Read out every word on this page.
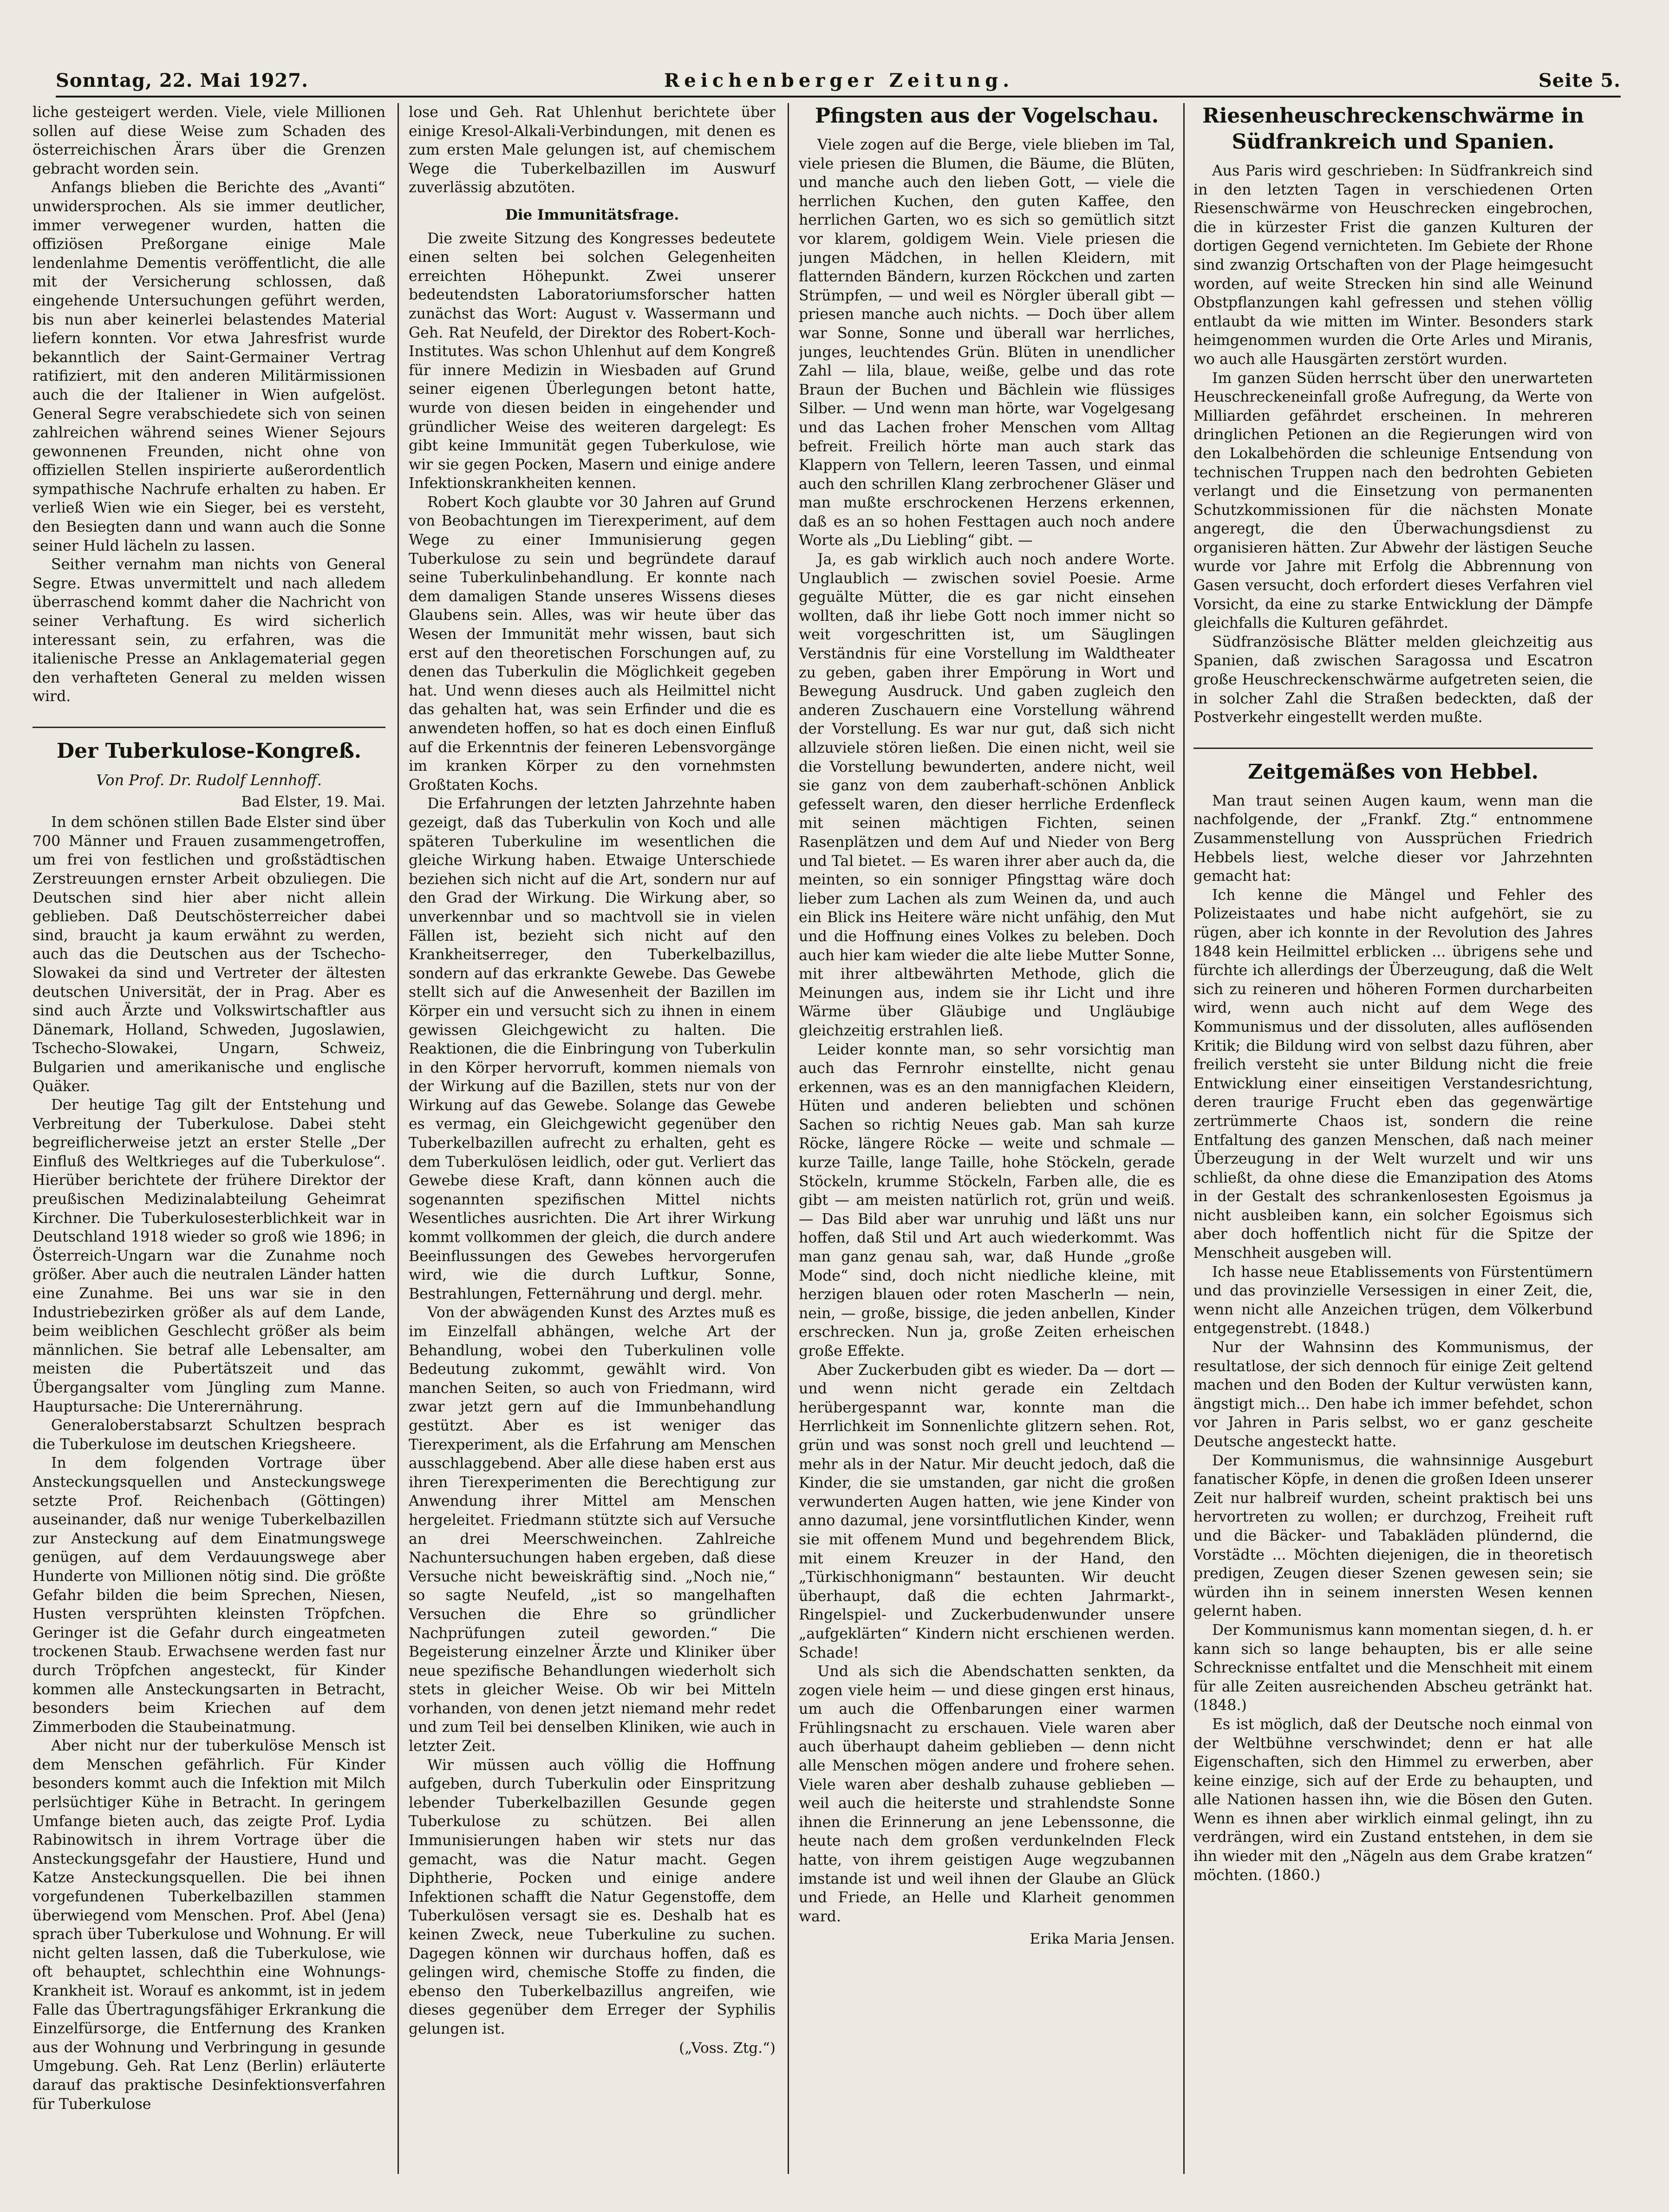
Sonntag, 22. Mai 1927.	Reichenberger Zeitung.	Seite 5.

liche gesteigert werden. Viele, viele Millionen sollen auf diese Weise zum Schaden des österreichischen Ärars über die Grenzen gebracht worden sein.

Anfangs blieben die Berichte des „Avanti“ unwidersprochen. Als sie immer deutlicher, immer verwegener wurden, hatten die offiziösen Preßorgane einige Male lendenlahme Dementis veröffentlicht, die alle mit der Versicherung schlossen, daß eingehende Untersuchungen geführt werden, bis nun aber keinerlei belastendes Material liefern konnten. Vor etwa Jahresfrist wurde bekanntlich der Saint-Germainer Vertrag ratifiziert, mit den anderen Militärmissionen auch die der Italiener in Wien aufgelöst. General Segre verabschiedete sich von seinen zahlreichen während seines Wiener Sejours gewonnenen Freunden, nicht ohne von offiziellen Stellen inspirierte außerordentlich sympathische Nachrufe erhalten zu haben. Er verließ Wien wie ein Sieger, bei es versteht, den Besiegten dann und wann auch die Sonne seiner Huld lächeln zu lassen.

Seither vernahm man nichts von General Segre. Etwas unvermittelt und nach alledem überraschend kommt daher die Nachricht von seiner Verhaftung. Es wird sicherlich interessant sein, zu erfahren, was die italienische Presse an Anklagematerial gegen den verhafteten General zu melden wissen wird.

Der Tuberkulose-Kongreß.
Von Prof. Dr. Rudolf Lennhoff.
Bad Elster, 19. Mai.

In dem schönen stillen Bade Elster sind über 700 Männer und Frauen zusammengetroffen, um frei von festlichen und großstädtischen Zerstreuungen ernster Arbeit obzuliegen. Die Deutschen sind hier aber nicht allein geblieben. Daß Deutschösterreicher dabei sind, braucht ja kaum erwähnt zu werden, auch das die Deutschen aus der Tschecho-Slowakei da sind und Vertreter der ältesten deutschen Universität, der in Prag. Aber es sind auch Ärzte und Volkswirtschaftler aus Dänemark, Holland, Schweden, Jugoslawien, Tschecho-Slowakei, Ungarn, Schweiz, Bulgarien und amerikanische und englische Quäker.

Der heutige Tag gilt der Entstehung und Verbreitung der Tuberkulose. Dabei steht begreiflicherweise jetzt an erster Stelle „Der Einfluß des Weltkrieges auf die Tuberkulose“. Hierüber berichtete der frühere Direktor der preußischen Medizinalabteilung Geheimrat Kirchner. Die Tuberkulosesterblichkeit war in Deutschland 1918 wieder so groß wie 1896; in Österreich-Ungarn war die Zunahme noch größer. Aber auch die neutralen Länder hatten eine Zunahme. Bei uns war sie in den Industriebezirken größer als auf dem Lande, beim weiblichen Geschlecht größer als beim männlichen. Sie betraf alle Lebensalter, am meisten die Pubertätszeit und das Übergangsalter vom Jüngling zum Manne. Hauptursache: Die Unterernährung.

Generaloberstabsarzt Schultzen besprach die Tuberkulose im deutschen Kriegsheere.

In dem folgenden Vortrage über Ansteckungsquellen und Ansteckungswege setzte Prof. Reichenbach (Göttingen) auseinander, daß nur wenige Tuberkelbazillen zur Ansteckung auf dem Einatmungswege genügen, auf dem Verdauungswege aber Hunderte von Millionen nötig sind. Die größte Gefahr bilden die beim Sprechen, Niesen, Husten versprühten kleinsten Tröpfchen. Geringer ist die Gefahr durch eingeatmeten trockenen Staub. Erwachsene werden fast nur durch Tröpfchen angesteckt, für Kinder kommen alle Ansteckungsarten in Betracht, besonders beim Kriechen auf dem Zimmerboden die Staubeinatmung.

Aber nicht nur der tuberkulöse Mensch ist dem Menschen gefährlich. Für Kinder besonders kommt auch die Infektion mit Milch perlsüchtiger Kühe in Betracht. In geringem Umfange bieten auch, das zeigte Prof. Lydia Rabinowitsch in ihrem Vortrage über die Ansteckungsgefahr der Haustiere, Hund und Katze Ansteckungsquellen. Die bei ihnen vorgefundenen Tuberkelbazillen stammen überwiegend vom Menschen. Prof. Abel (Jena) sprach über Tuberkulose und Wohnung. Er will nicht gelten lassen, daß die Tuberkulose, wie oft behauptet, schlechthin eine Wohnungs-Krankheit ist. Worauf es ankommt, ist in jedem Falle das Übertragungsfähiger Erkrankung die Einzelfürsorge, die Entfernung des Kranken aus der Wohnung und Verbringung in gesunde Umgebung. Geh. Rat Lenz (Berlin) erläuterte darauf das praktische Desinfektionsverfahren für Tuberkulose

lose und Geh. Rat Uhlenhut berichtete über einige Kresol-Alkali-Verbindungen, mit denen es zum ersten Male gelungen ist, auf chemischem Wege die Tuberkelbazillen im Auswurf zuverlässig abzutöten.

Die Immunitätsfrage.

Die zweite Sitzung des Kongresses bedeutete einen selten bei solchen Gelegenheiten erreichten Höhepunkt. Zwei unserer bedeutendsten Laboratoriumsforscher hatten zunächst das Wort: August v. Wassermann und Geh. Rat Neufeld, der Direktor des Robert-Koch-Institutes. Was schon Uhlenhut auf dem Kongreß für innere Medizin in Wiesbaden auf Grund seiner eigenen Überlegungen betont hatte, wurde von diesen beiden in eingehender und gründlicher Weise des weiteren dargelegt: Es gibt keine Immunität gegen Tuberkulose, wie wir sie gegen Pocken, Masern und einige andere Infektionskrankheiten kennen.

Robert Koch glaubte vor 30 Jahren auf Grund von Beobachtungen im Tierexperiment, auf dem Wege zu einer Immunisierung gegen Tuberkulose zu sein und begründete darauf seine Tuberkulinbehandlung. Er konnte nach dem damaligen Stande unseres Wissens dieses Glaubens sein. Alles, was wir heute über das Wesen der Immunität mehr wissen, baut sich erst auf den theoretischen Forschungen auf, zu denen das Tuberkulin die Möglichkeit gegeben hat. Und wenn dieses auch als Heilmittel nicht das gehalten hat, was sein Erfinder und die es anwendeten hoffen, so hat es doch einen Einfluß auf die Erkenntnis der feineren Lebensvorgänge im kranken Körper zu den vornehmsten Großtaten Kochs.

Die Erfahrungen der letzten Jahrzehnte haben gezeigt, daß das Tuberkulin von Koch und alle späteren Tuberkuline im wesentlichen die gleiche Wirkung haben. Etwaige Unterschiede beziehen sich nicht auf die Art, sondern nur auf den Grad der Wirkung. Die Wirkung aber, so unverkennbar und so machtvoll sie in vielen Fällen ist, bezieht sich nicht auf den Krankheitserreger, den Tuberkelbazillus, sondern auf das erkrankte Gewebe. Das Gewebe stellt sich auf die Anwesenheit der Bazillen im Körper ein und versucht sich zu ihnen in einem gewissen Gleichgewicht zu halten. Die Reaktionen, die die Einbringung von Tuberkulin in den Körper hervorruft, kommen niemals von der Wirkung auf die Bazillen, stets nur von der Wirkung auf das Gewebe. Solange das Gewebe es vermag, ein Gleichgewicht gegenüber den Tuberkelbazillen aufrecht zu erhalten, geht es dem Tuberkulösen leidlich, oder gut. Verliert das Gewebe diese Kraft, dann können auch die sogenannten spezifischen Mittel nichts Wesentliches ausrichten. Die Art ihrer Wirkung kommt vollkommen der gleich, die durch andere Beeinflussungen des Gewebes hervorgerufen wird, wie die durch Luftkur, Sonne, Bestrahlungen, Fetternährung und dergl. mehr.

Von der abwägenden Kunst des Arztes muß es im Einzelfall abhängen, welche Art der Behandlung, wobei den Tuberkulinen volle Bedeutung zukommt, gewählt wird. Von manchen Seiten, so auch von Friedmann, wird zwar jetzt gern auf die Immunbehandlung gestützt. Aber es ist weniger das Tierexperiment, als die Erfahrung am Menschen ausschlaggebend. Aber alle diese haben erst aus ihren Tierexperimenten die Berechtigung zur Anwendung ihrer Mittel am Menschen hergeleitet. Friedmann stützte sich auf Versuche an drei Meerschweinchen. Zahlreiche Nachuntersuchungen haben ergeben, daß diese Versuche nicht beweiskräftig sind. „Noch nie,“ so sagte Neufeld, „ist so mangelhaften Versuchen die Ehre so gründlicher Nachprüfungen zuteil geworden.“ Die Begeisterung einzelner Ärzte und Kliniker über neue spezifische Behandlungen wiederholt sich stets in gleicher Weise. Ob wir bei Mitteln vorhanden, von denen jetzt niemand mehr redet und zum Teil bei denselben Kliniken, wie auch in letzter Zeit.

Wir müssen auch völlig die Hoffnung aufgeben, durch Tuberkulin oder Einspritzung lebender Tuberkelbazillen Gesunde gegen Tuberkulose zu schützen. Bei allen Immunisierungen haben wir stets nur das gemacht, was die Natur macht. Gegen Diphtherie, Pocken und einige andere Infektionen schafft die Natur Gegenstoffe, dem Tuberkulösen versagt sie es. Deshalb hat es keinen Zweck, neue Tuberkuline zu suchen. Dagegen können wir durchaus hoffen, daß es gelingen wird, chemische Stoffe zu finden, die ebenso den Tuberkelbazillus angreifen, wie dieses gegenüber dem Erreger der Syphilis gelungen ist.

(„Voss. Ztg.“)
Pfingsten aus der Vogelschau.

Viele zogen auf die Berge, viele blieben im Tal, viele priesen die Blumen, die Bäume, die Blüten, und manche auch den lieben Gott, — viele die herrlichen Kuchen, den guten Kaffee, den herrlichen Garten, wo es sich so gemütlich sitzt vor klarem, goldigem Wein. Viele priesen die jungen Mädchen, in hellen Kleidern, mit flatternden Bändern, kurzen Röckchen und zarten Strümpfen, — und weil es Nörgler überall gibt — priesen manche auch nichts. — Doch über allem war Sonne, Sonne und überall war herrliches, junges, leuchtendes Grün. Blüten in unendlicher Zahl — lila, blaue, weiße, gelbe und das rote Braun der Buchen und Bächlein wie flüssiges Silber. — Und wenn man hörte, war Vogelgesang und das Lachen froher Menschen vom Alltag befreit. Freilich hörte man auch stark das Klappern von Tellern, leeren Tassen, und einmal auch den schrillen Klang zerbrochener Gläser und man mußte erschrockenen Herzens erkennen, daß es an so hohen Festtagen auch noch andere Worte als „Du Liebling“ gibt. —

Ja, es gab wirklich auch noch andere Worte. Unglaublich — zwischen soviel Poesie. Arme geguälte Mütter, die es gar nicht einsehen wollten, daß ihr liebe Gott noch immer nicht so weit vorgeschritten ist, um Säuglingen Verständnis für eine Vorstellung im Waldtheater zu geben, gaben ihrer Empörung in Wort und Bewegung Ausdruck. Und gaben zugleich den anderen Zuschauern eine Vorstellung während der Vorstellung. Es war nur gut, daß sich nicht allzuviele stören ließen. Die einen nicht, weil sie die Vorstellung bewunderten, andere nicht, weil sie ganz von dem zauberhaft-schönen Anblick gefesselt waren, den dieser herrliche Erdenfleck mit seinen mächtigen Fichten, seinen Rasenplätzen und dem Auf und Nieder von Berg und Tal bietet. — Es waren ihrer aber auch da, die meinten, so ein sonniger Pfingsttag wäre doch lieber zum Lachen als zum Weinen da, und auch ein Blick ins Heitere wäre nicht unfähig, den Mut und die Hoffnung eines Volkes zu beleben. Doch auch hier kam wieder die alte liebe Mutter Sonne, mit ihrer altbewährten Methode, glich die Meinungen aus, indem sie ihr Licht und ihre Wärme über Gläubige und Ungläubige gleichzeitig erstrahlen ließ.

Leider konnte man, so sehr vorsichtig man auch das Fernrohr einstellte, nicht genau erkennen, was es an den mannigfachen Kleidern, Hüten und anderen beliebten und schönen Sachen so richtig Neues gab. Man sah kurze Röcke, längere Röcke — weite und schmale — kurze Taille, lange Taille, hohe Stöckeln, gerade Stöckeln, krumme Stöckeln, Farben alle, die es gibt — am meisten natürlich rot, grün und weiß. — Das Bild aber war unruhig und läßt uns nur hoffen, daß Stil und Art auch wiederkommt. Was man ganz genau sah, war, daß Hunde „große Mode“ sind, doch nicht niedliche kleine, mit herzigen blauen oder roten Mascherln — nein, nein, — große, bissige, die jeden anbellen, Kinder erschrecken. Nun ja, große Zeiten erheischen große Effekte.

Aber Zuckerbuden gibt es wieder. Da — dort — und wenn nicht gerade ein Zeltdach herübergespannt war, konnte man die Herrlichkeit im Sonnenlichte glitzern sehen. Rot, grün und was sonst noch grell und leuchtend — mehr als in der Natur. Mir deucht jedoch, daß die Kinder, die sie umstanden, gar nicht die großen verwunderten Augen hatten, wie jene Kinder von anno dazumal, jene vorsintflutlichen Kinder, wenn sie mit offenem Mund und begehrendem Blick, mit einem Kreuzer in der Hand, den „Türkischhonigmann“ bestaunten. Wir deucht überhaupt, daß die echten Jahrmarkt-, Ringelspiel- und Zuckerbudenwunder unsere „aufgeklärten“ Kindern nicht erschienen werden. Schade!

Und als sich die Abendschatten senkten, da zogen viele heim — und diese gingen erst hinaus, um auch die Offenbarungen einer warmen Frühlingsnacht zu erschauen. Viele waren aber auch überhaupt daheim geblieben — denn nicht alle Menschen mögen andere und frohere sehen. Viele waren aber deshalb zuhause geblieben — weil auch die heiterste und strahlendste Sonne ihnen die Erinnerung an jene Lebenssonne, die heute nach dem großen verdunkelnden Fleck hatte, von ihrem geistigen Auge wegzubannen imstande ist und weil ihnen der Glaube an Glück und Friede, an Helle und Klarheit genommen ward.

Erika Maria Jensen.
Riesenheuschreckenschwärme in Südfrankreich und Spanien.

Aus Paris wird geschrieben: In Südfrankreich sind in den letzten Tagen in verschiedenen Orten Riesenschwärme von Heuschrecken eingebrochen, die in kürzester Frist die ganzen Kulturen der dortigen Gegend vernichteten. Im Gebiete der Rhone sind zwanzig Ortschaften von der Plage heimgesucht worden, auf weite Strecken hin sind alle Weinund Obstpflanzungen kahl gefressen und stehen völlig entlaubt da wie mitten im Winter. Besonders stark heimgenommen wurden die Orte Arles und Miranis, wo auch alle Hausgärten zerstört wurden.

Im ganzen Süden herrscht über den unerwarteten Heuschreckeneinfall große Aufregung, da Werte von Milliarden gefährdet erscheinen. In mehreren dringlichen Petionen an die Regierungen wird von den Lokalbehörden die schleunige Entsendung von technischen Truppen nach den bedrohten Gebieten verlangt und die Einsetzung von permanenten Schutzkommissionen für die nächsten Monate angeregt, die den Überwachungsdienst zu organisieren hätten. Zur Abwehr der lästigen Seuche wurde vor Jahre mit Erfolg die Abbrennung von Gasen versucht, doch erfordert dieses Verfahren viel Vorsicht, da eine zu starke Entwicklung der Dämpfe gleichfalls die Kulturen gefährdet.

Südfranzösische Blätter melden gleichzeitig aus Spanien, daß zwischen Saragossa und Escatron große Heuschreckenschwärme aufgetreten seien, die in solcher Zahl die Straßen bedeckten, daß der Postverkehr eingestellt werden mußte.

Zeitgemäßes von Hebbel.

Man traut seinen Augen kaum, wenn man die nachfolgende, der „Frankf. Ztg.“ entnommene Zusammenstellung von Aussprüchen Friedrich Hebbels liest, welche dieser vor Jahrzehnten gemacht hat:

Ich kenne die Mängel und Fehler des Polizeistaates und habe nicht aufgehört, sie zu rügen, aber ich konnte in der Revolution des Jahres 1848 kein Heilmittel erblicken ... übrigens sehe und fürchte ich allerdings der Überzeugung, daß die Welt sich zu reineren und höheren Formen durcharbeiten wird, wenn auch nicht auf dem Wege des Kommunismus und der dissoluten, alles auflösenden Kritik; die Bildung wird von selbst dazu führen, aber freilich versteht sie unter Bildung nicht die freie Entwicklung einer einseitigen Verstandesrichtung, deren traurige Frucht eben das gegenwärtige zertrümmerte Chaos ist, sondern die reine Entfaltung des ganzen Menschen, daß nach meiner Überzeugung in der Welt wurzelt und wir uns schließt, da ohne diese die Emanzipation des Atoms in der Gestalt des schrankenlosesten Egoismus ja nicht ausbleiben kann, ein solcher Egoismus sich aber doch hoffentlich nicht für die Spitze der Menschheit ausgeben will.

Ich hasse neue Etablissements von Fürstentümern und das provinzielle Versessigen in einer Zeit, die, wenn nicht alle Anzeichen trügen, dem Völkerbund entgegenstrebt. (1848.)

Nur der Wahnsinn des Kommunismus, der resultatlose, der sich dennoch für einige Zeit geltend machen und den Boden der Kultur verwüsten kann, ängstigt mich... Den habe ich immer befehdet, schon vor Jahren in Paris selbst, wo er ganz gescheite Deutsche angesteckt hatte.

Der Kommunismus, die wahnsinnige Ausgeburt fanatischer Köpfe, in denen die großen Ideen unserer Zeit nur halbreif wurden, scheint praktisch bei uns hervortreten zu wollen; er durchzog, Freiheit ruft und die Bäcker- und Tabakläden plündernd, die Vorstädte ... Möchten diejenigen, die in theoretisch predigen, Zeugen dieser Szenen gewesen sein; sie würden ihn in seinem innersten Wesen kennen gelernt haben.

Der Kommunismus kann momentan siegen, d. h. er kann sich so lange behaupten, bis er alle seine Schrecknisse entfaltet und die Menschheit mit einem für alle Zeiten ausreichenden Abscheu getränkt hat. (1848.)

Es ist möglich, daß der Deutsche noch einmal von der Weltbühne verschwindet; denn er hat alle Eigenschaften, sich den Himmel zu erwerben, aber keine einzige, sich auf der Erde zu behaupten, und alle Nationen hassen ihn, wie die Bösen den Guten. Wenn es ihnen aber wirklich einmal gelingt, ihn zu verdrängen, wird ein Zustand entstehen, in dem sie ihn wieder mit den „Nägeln aus dem Grabe kratzen“ möchten. (1860.)
